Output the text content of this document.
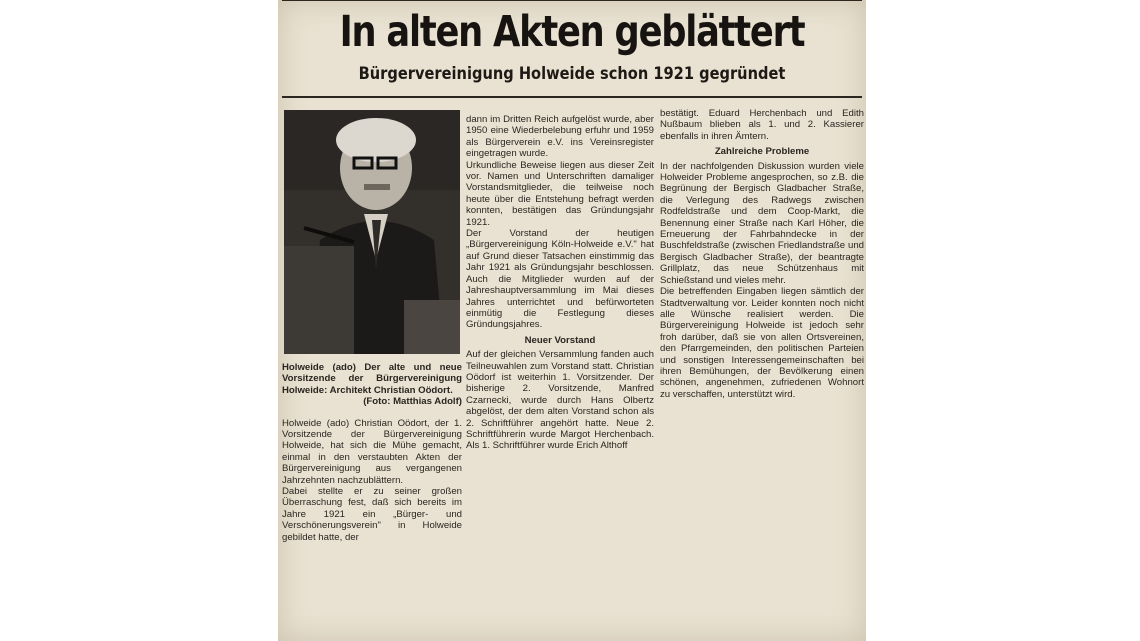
In alten Akten geblättert
Bürgervereinigung Holweide schon 1921 gegründet

Holweide (ado) Der alte und neue Vorsitzende der Bürgervereinigung Holweide: Architekt Christian Oödort.

(Foto: Matthias Adolf)

Holweide (ado) Christian Oödort, der 1. Vorsitzende der Bürgervereinigung Holweide, hat sich die Mühe gemacht, einmal in den verstaubten Akten der Bürgervereinigung aus vergangenen Jahrzehnten nachzublättern.

Dabei stellte er zu seiner großen Überraschung fest, daß sich bereits im Jahre 1921 ein „Bürger- und Verschönerungsverein" in Holweide gebildet hatte, der

dann im Dritten Reich aufgelöst wurde, aber 1950 eine Wiederbelebung erfuhr und 1959 als Bürgerverein e.V. ins Vereinsregister eingetragen wurde.

Urkundliche Beweise liegen aus dieser Zeit vor. Namen und Unterschriften damaliger Vorstandsmitglieder, die teilweise noch heute über die Entstehung befragt werden konnten, bestätigen das Gründungsjahr 1921.

Der Vorstand der heutigen „Bürgervereinigung Köln-Holweide e.V." hat auf Grund dieser Tatsachen einstimmig das Jahr 1921 als Gründungsjahr beschlossen. Auch die Mitglieder wurden auf der Jahreshauptversammlung im Mai dieses Jahres unterrichtet und befürworteten einmütig die Festlegung dieses Gründungsjahres.

Neuer Vorstand

Auf der gleichen Versammlung fanden auch Teilneuwahlen zum Vorstand statt. Christian Oödorf ist weiterhin 1. Vorsitzender. Der bisherige 2. Vorsitzende, Manfred Czarnecki, wurde durch Hans Olbertz abgelöst, der dem alten Vorstand schon als 2. Schriftführer angehört hatte. Neue 2. Schriftführerin wurde Margot Herchenbach. Als 1. Schriftführer wurde Erich Althoff

bestätigt. Eduard Herchenbach und Edith Nußbaum blieben als 1. und 2. Kassierer ebenfalls in ihren Ämtern.

Zahlreiche Probleme

In der nachfolgenden Diskussion wurden viele Holweider Probleme angesprochen, so z.B. die Begrünung der Bergisch Gladbacher Straße, die Verlegung des Radwegs zwischen Rodfeldstraße und dem Coop-Markt, die Benennung einer Straße nach Karl Höher, die Erneuerung der Fahrbahndecke in der Buschfeldstraße (zwischen Friedlandstraße und Bergisch Gladbacher Straße), der beantragte Grillplatz, das neue Schützenhaus mit Schießstand und vieles mehr.

Die betreffenden Eingaben liegen sämtlich der Stadtverwaltung vor. Leider konnten noch nicht alle Wünsche realisiert werden. Die Bürgervereinigung Holweide ist jedoch sehr froh darüber, daß sie von allen Ortsvereinen, den Pfarrgemeinden, den politischen Parteien und sonstigen Interessengemeinschaften bei ihren Bemühungen, der Bevölkerung einen schönen, angenehmen, zufriedenen Wohnort zu verschaffen, unterstützt wird.
